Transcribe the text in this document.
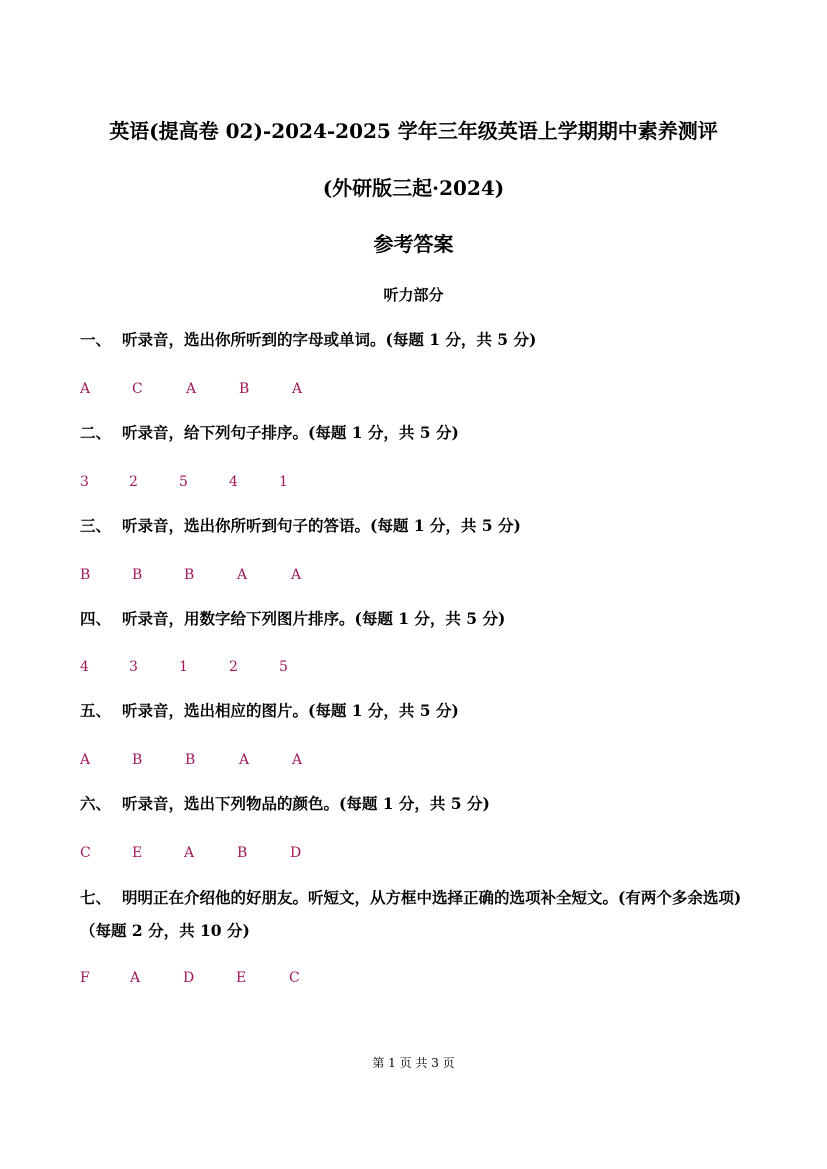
英语(提高卷 02)-2024-2025 学年三年级英语上学期期中素养测评
(外研版三起·2024)
参考答案
听力部分
一、 听录音，选出你所听到的字母或单词。(每题 1 分，共 5 分)
A	C	A	B	A
二、 听录音，给下列句子排序。(每题 1 分，共 5 分)
3	2	5	4	1
三、 听录音，选出你所听到句子的答语。(每题 1 分，共 5 分)
B	B	B	A	A
四、 听录音，用数字给下列图片排序。(每题 1 分，共 5 分)
4	3	1	2	5
五、 听录音，选出相应的图片。(每题 1 分，共 5 分)
A	B	B	A	A
六、 听录音，选出下列物品的颜色。(每题 1 分，共 5 分)
C	E	A	B	D
七、 明明正在介绍他的好朋友。听短文，从方框中选择正确的选项补全短文。(有两个多余选项) （每题 2 分，共 10 分)
F	A	D	E	C
第 1 页 共 3 页
